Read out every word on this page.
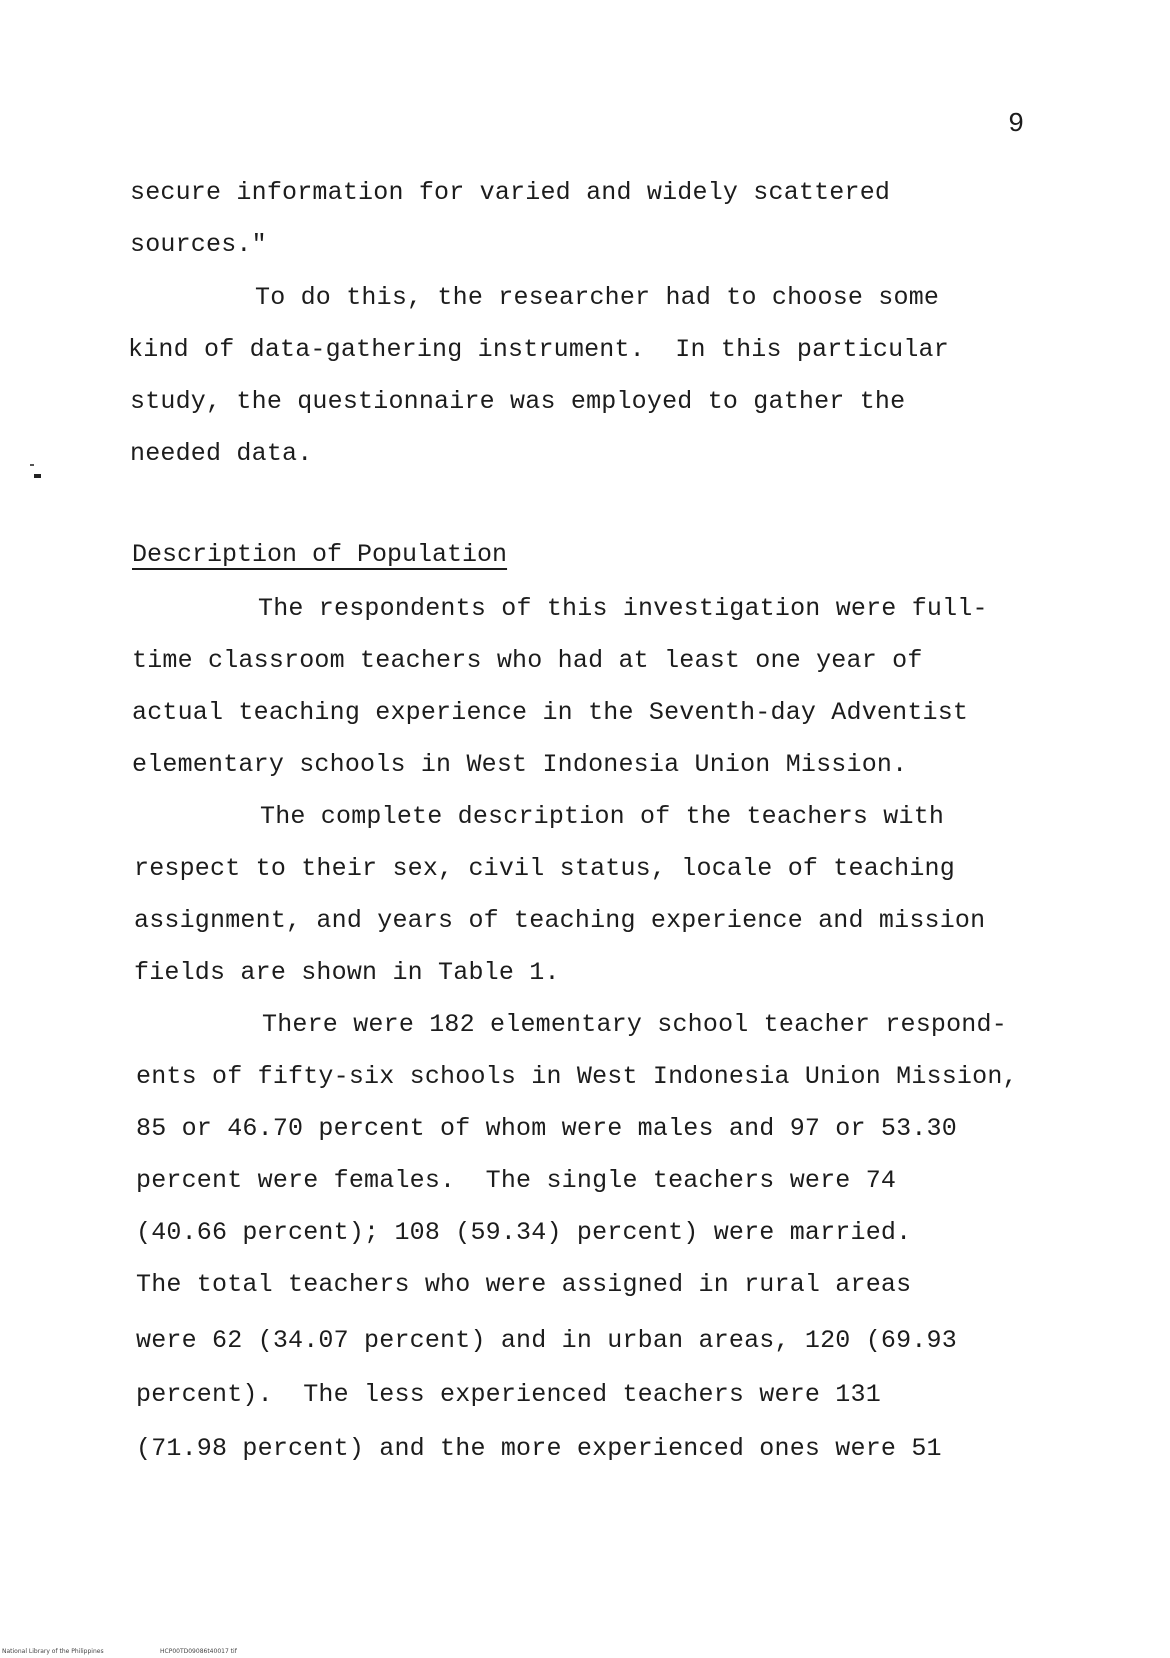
9
secure information for varied and widely scattered
sources."
To do this, the researcher had to choose some
kind of data-gathering instrument.  In this particular
study, the questionnaire was employed to gather the
needed data.
Description of Population
The respondents of this investigation were full-
time classroom teachers who had at least one year of
actual teaching experience in the Seventh-day Adventist
elementary schools in West Indonesia Union Mission.
The complete description of the teachers with
respect to their sex, civil status, locale of teaching
assignment, and years of teaching experience and mission
fields are shown in Table 1.
There were 182 elementary school teacher respond-
ents of fifty-six schools in West Indonesia Union Mission,
85 or 46.70 percent of whom were males and 97 or 53.30
percent were females.  The single teachers were 74
(40.66 percent); 108 (59.34) percent) were married.
The total teachers who were assigned in rural areas
were 62 (34.07 percent) and in urban areas, 120 (69.93
percent).  The less experienced teachers were 131
(71.98 percent) and the more experienced ones were 51
National Library of the Philippines	HCP00TD09086t40017 tif
